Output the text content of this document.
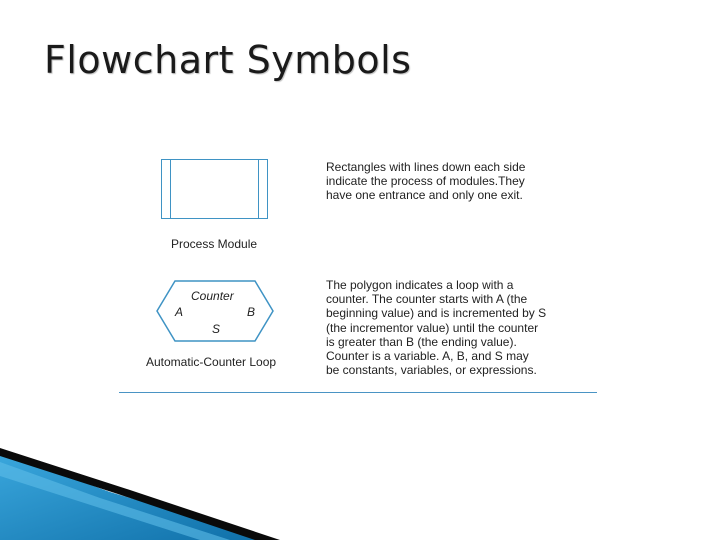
Flowchart Symbols
Process Module
Rectangles with lines down each side
indicate the process of modules.They
have one entrance and only one exit.
Counter
A	B
S
Automatic-Counter Loop
The polygon indicates a loop with a
counter. The counter starts with A (the
beginning value) and is incremented by S
(the incrementor value) until the counter
is greater than B (the ending value).
Counter is a variable. A, B, and S may
be constants, variables, or expressions.
